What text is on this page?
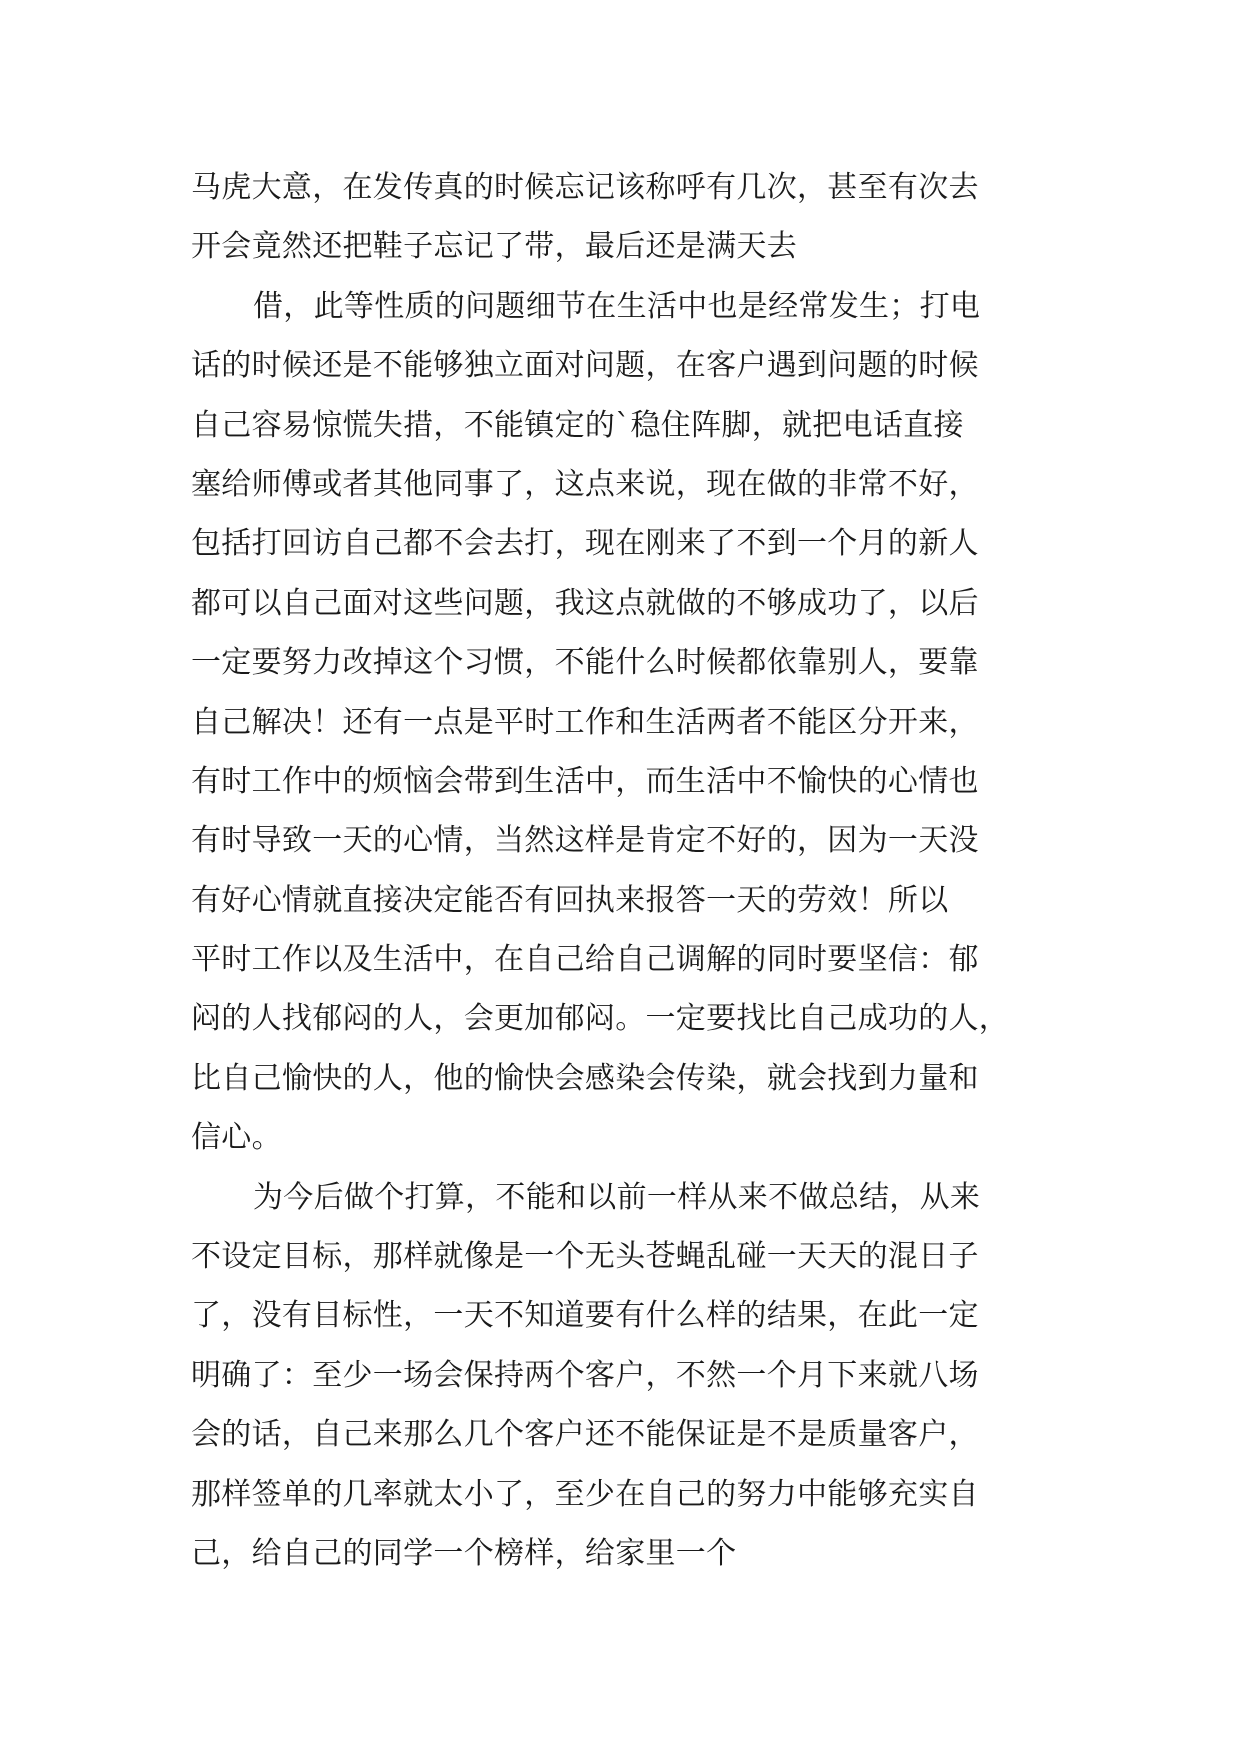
马虎大意，在发传真的时候忘记该称呼有几次，甚至有次去
开会竟然还把鞋子忘记了带，最后还是满天去
借，此等性质的问题细节在生活中也是经常发生；打电
话的时候还是不能够独立面对问题，在客户遇到问题的时候
自己容易惊慌失措，不能镇定的`稳住阵脚，就把电话直接
塞给师傅或者其他同事了，这点来说，现在做的非常不好，
包括打回访自己都不会去打，现在刚来了不到一个月的新人
都可以自己面对这些问题，我这点就做的不够成功了，以后
一定要努力改掉这个习惯，不能什么时候都依靠别人，要靠
自己解决！还有一点是平时工作和生活两者不能区分开来，
有时工作中的烦恼会带到生活中，而生活中不愉快的心情也
有时导致一天的心情，当然这样是肯定不好的，因为一天没
有好心情就直接决定能否有回执来报答一天的劳效！所以
平时工作以及生活中，在自己给自己调解的同时要坚信：郁
闷的人找郁闷的人，会更加郁闷。一定要找比自己成功的人，
比自己愉快的人，他的愉快会感染会传染，就会找到力量和
信心。
为今后做个打算，不能和以前一样从来不做总结，从来
不设定目标，那样就像是一个无头苍蝇乱碰一天天的混日子
了，没有目标性，一天不知道要有什么样的结果，在此一定
明确了：至少一场会保持两个客户，不然一个月下来就八场
会的话，自己来那么几个客户还不能保证是不是质量客户，
那样签单的几率就太小了，至少在自己的努力中能够充实自
己，给自己的同学一个榜样，给家里一个
